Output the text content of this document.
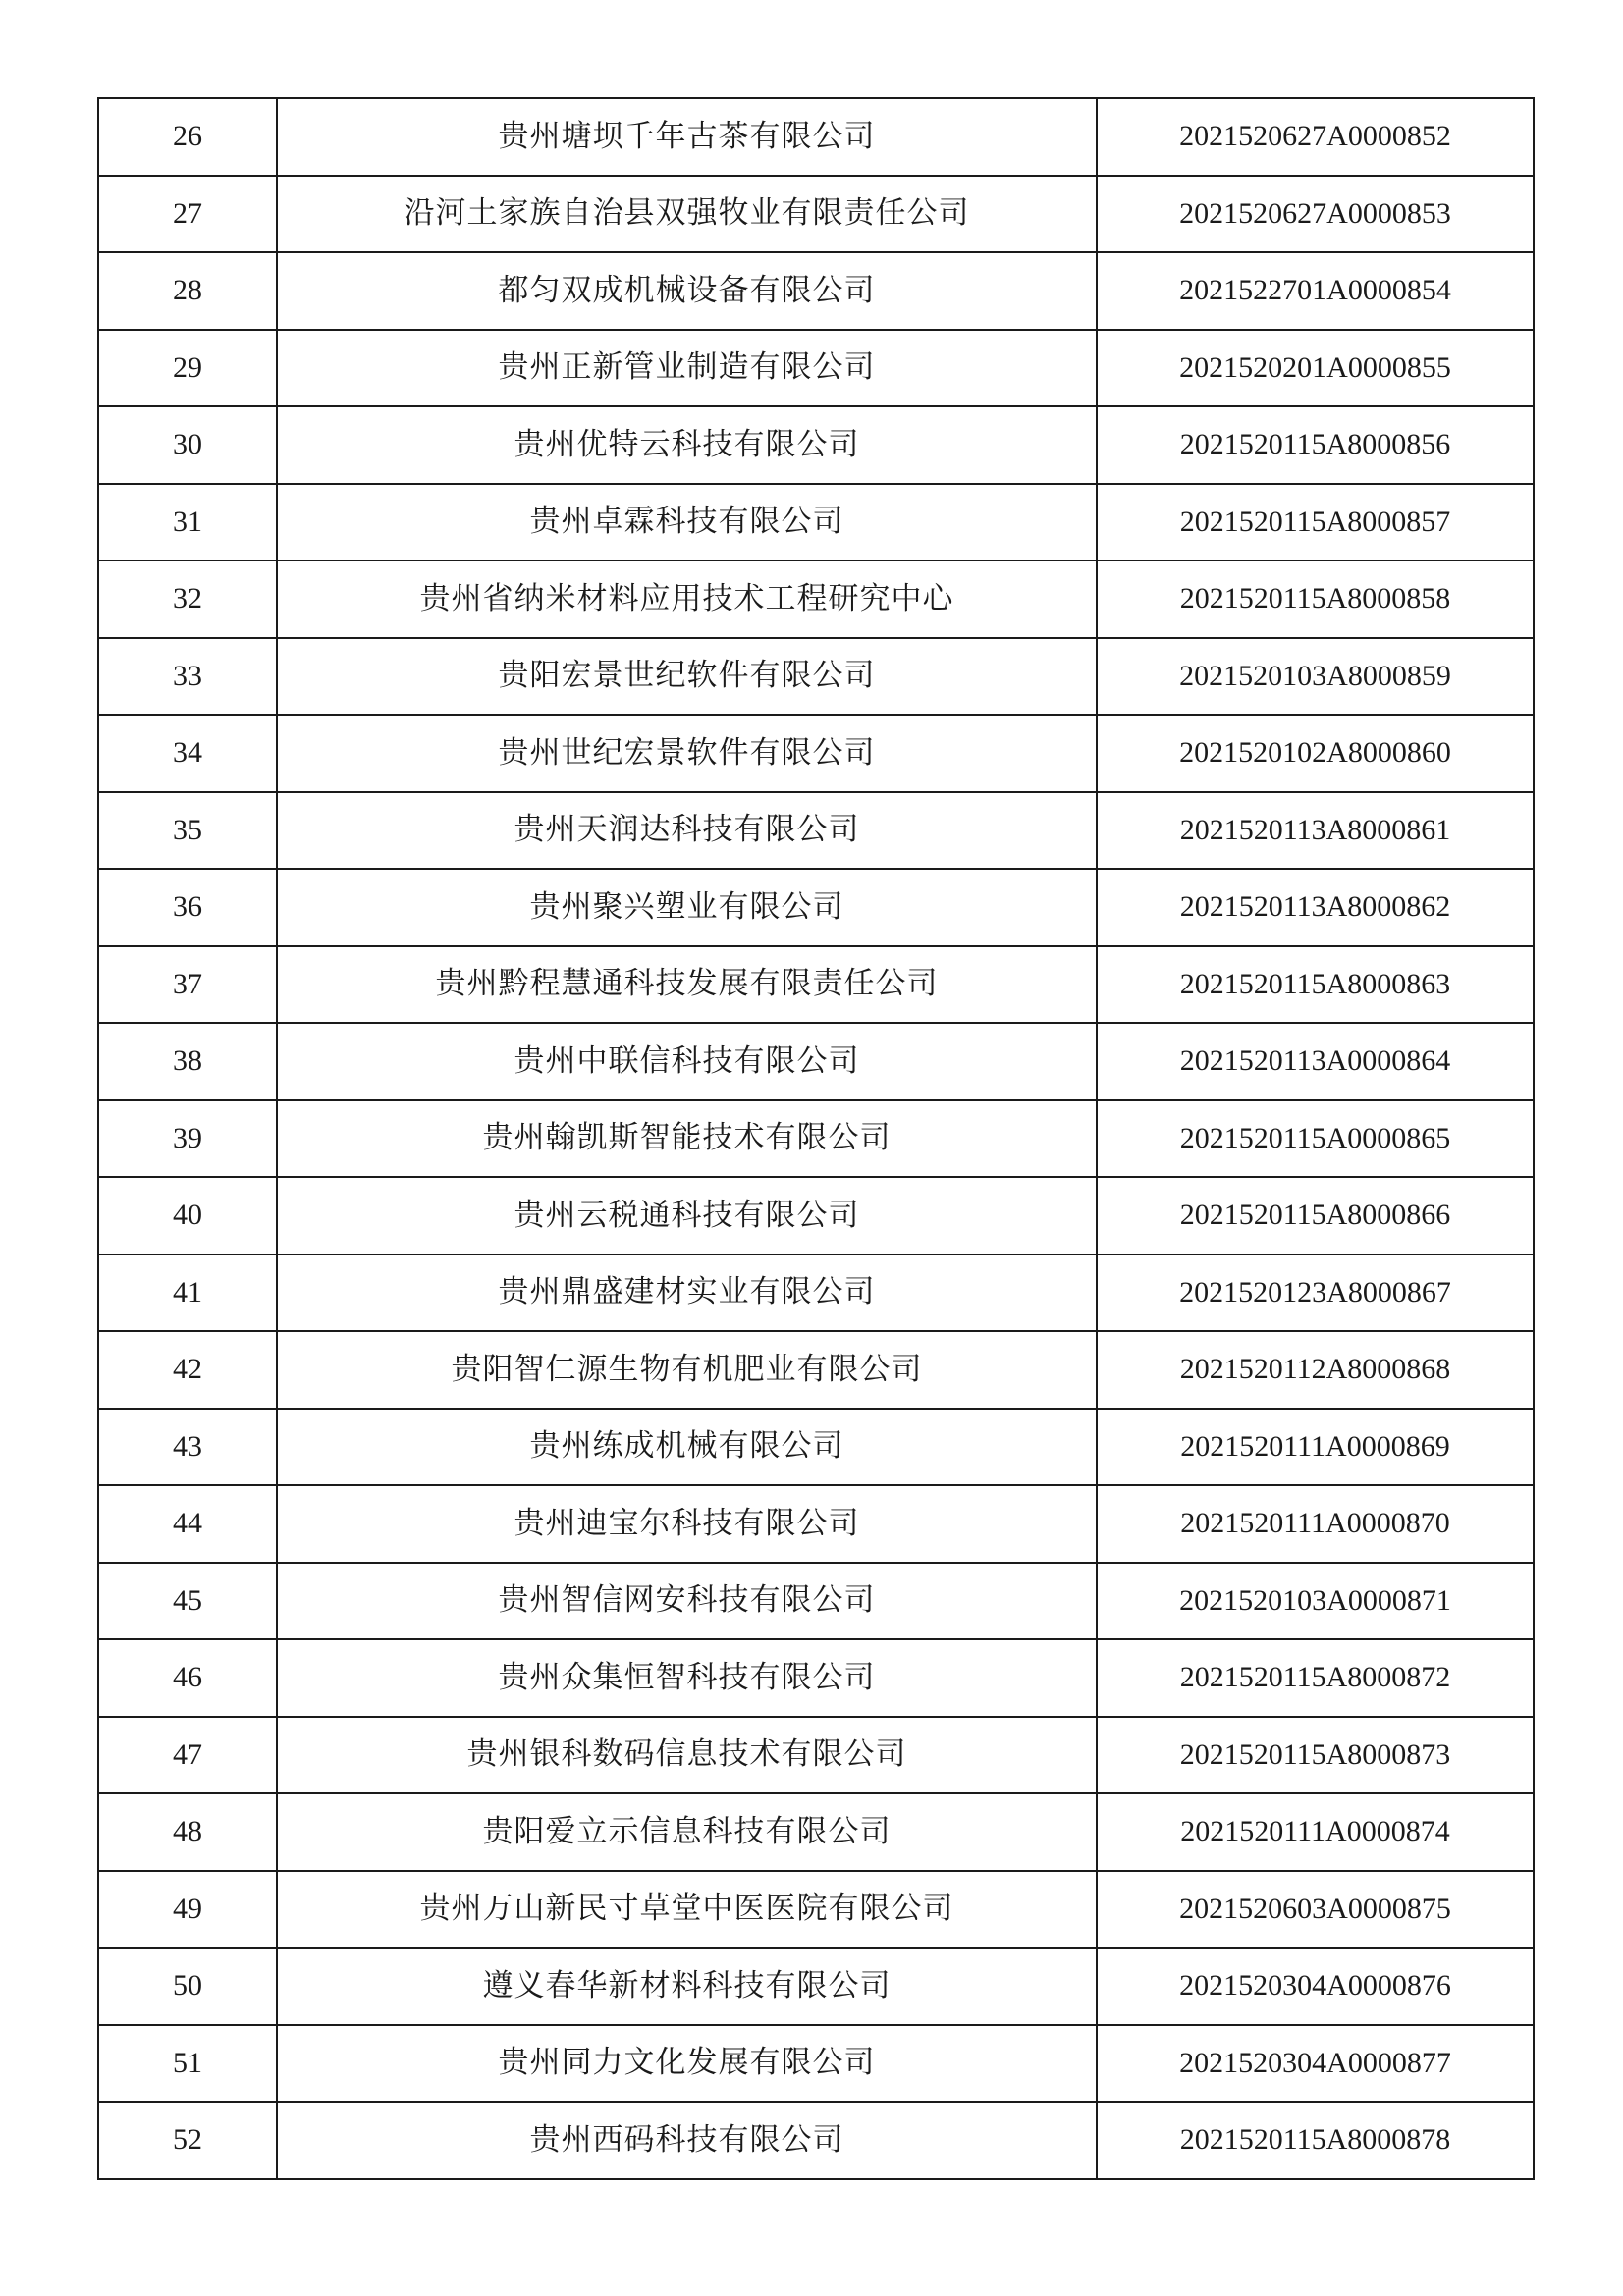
26	贵州塘坝千年古茶有限公司	2021520627A0000852
27	沿河土家族自治县双强牧业有限责任公司	2021520627A0000853
28	都匀双成机械设备有限公司	2021522701A0000854
29	贵州正新管业制造有限公司	2021520201A0000855
30	贵州优特云科技有限公司	2021520115A8000856
31	贵州卓霖科技有限公司	2021520115A8000857
32	贵州省纳米材料应用技术工程研究中心	2021520115A8000858
33	贵阳宏景世纪软件有限公司	2021520103A8000859
34	贵州世纪宏景软件有限公司	2021520102A8000860
35	贵州天润达科技有限公司	2021520113A8000861
36	贵州聚兴塑业有限公司	2021520113A8000862
37	贵州黔程慧通科技发展有限责任公司	2021520115A8000863
38	贵州中联信科技有限公司	2021520113A0000864
39	贵州翰凯斯智能技术有限公司	2021520115A0000865
40	贵州云税通科技有限公司	2021520115A8000866
41	贵州鼎盛建材实业有限公司	2021520123A8000867
42	贵阳智仁源生物有机肥业有限公司	2021520112A8000868
43	贵州练成机械有限公司	2021520111A0000869
44	贵州迪宝尔科技有限公司	2021520111A0000870
45	贵州智信网安科技有限公司	2021520103A0000871
46	贵州众集恒智科技有限公司	2021520115A8000872
47	贵州银科数码信息技术有限公司	2021520115A8000873
48	贵阳爱立示信息科技有限公司	2021520111A0000874
49	贵州万山新民寸草堂中医医院有限公司	2021520603A0000875
50	遵义春华新材料科技有限公司	2021520304A0000876
51	贵州同力文化发展有限公司	2021520304A0000877
52	贵州西码科技有限公司	2021520115A8000878
